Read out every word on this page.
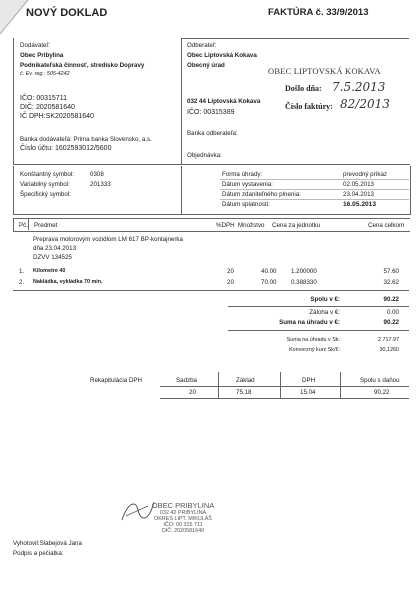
NOVÝ DOKLAD	FAKTÚRA č. 33/9/2013
Dodávateľ:
Obec Pribylina
Podnikateľská činnosť, stredisko Dopravy
č. Ev. reg.: 505-4242
IČO: 00315711
DIČ: 2020581640
IČ DPH:SK2020581640
Banka dodávateľa: Prima banka Slovensko, a.s.
Číslo účtu: 1602593012/5600
Odberateľ:
Obec Liptovská Kokava
Obecný úrad
OBEC LIPTOVSKÁ KOKAVA
Došlo dňa: 7.5.2013
032 44 Liptovská Kokava
Číslo faktúry: 82/2013
IČO: 00315389
Banka odberateľa:
Objednávka:
Konštantný symbol:	0308
Variabilný symbol:	201333
Špecifický symbol:
Forma úhrady:	prevodný príkaz
Dátum vystavenia:	02.05.2013
Dátum zdaniteľného plnenia:	23.04.2013
Dátum splatnosti:	16.05.2013
Pč. Predmet	%DPH Množstvo Cena za jednotku	Cena celkom
Preprava motorovým vozidlom LM 617 BP-kontajnerka
dňa 23.04.2013
DZVV 134525
1. Kilometre 40	20	40.00 1.200000	57.60
2. Nakládka, vykládka 70 min.	20	70.00 0.388330	32.62
Spolu v €:	90.22
Záloha v €:	0.00
Suma na úhradu v €:	90.22
Suma na úhradu v Sk:	2 717.97
Konverzný kurz Sk/€:	30,1260
Rekapitulácia DPH	Sadzba	Základ	DPH	Spolu s daňou
20	75.18	15.04	90.22
OBEC PRIBYLINA
032 42 PRIBYLINA
OKRES LIPT. MIKULÁŠ
IČO: 00 315 711
DIČ: 2020581640
Vyhotovil:Slabejová Jana
Podpis a pečiatka:
